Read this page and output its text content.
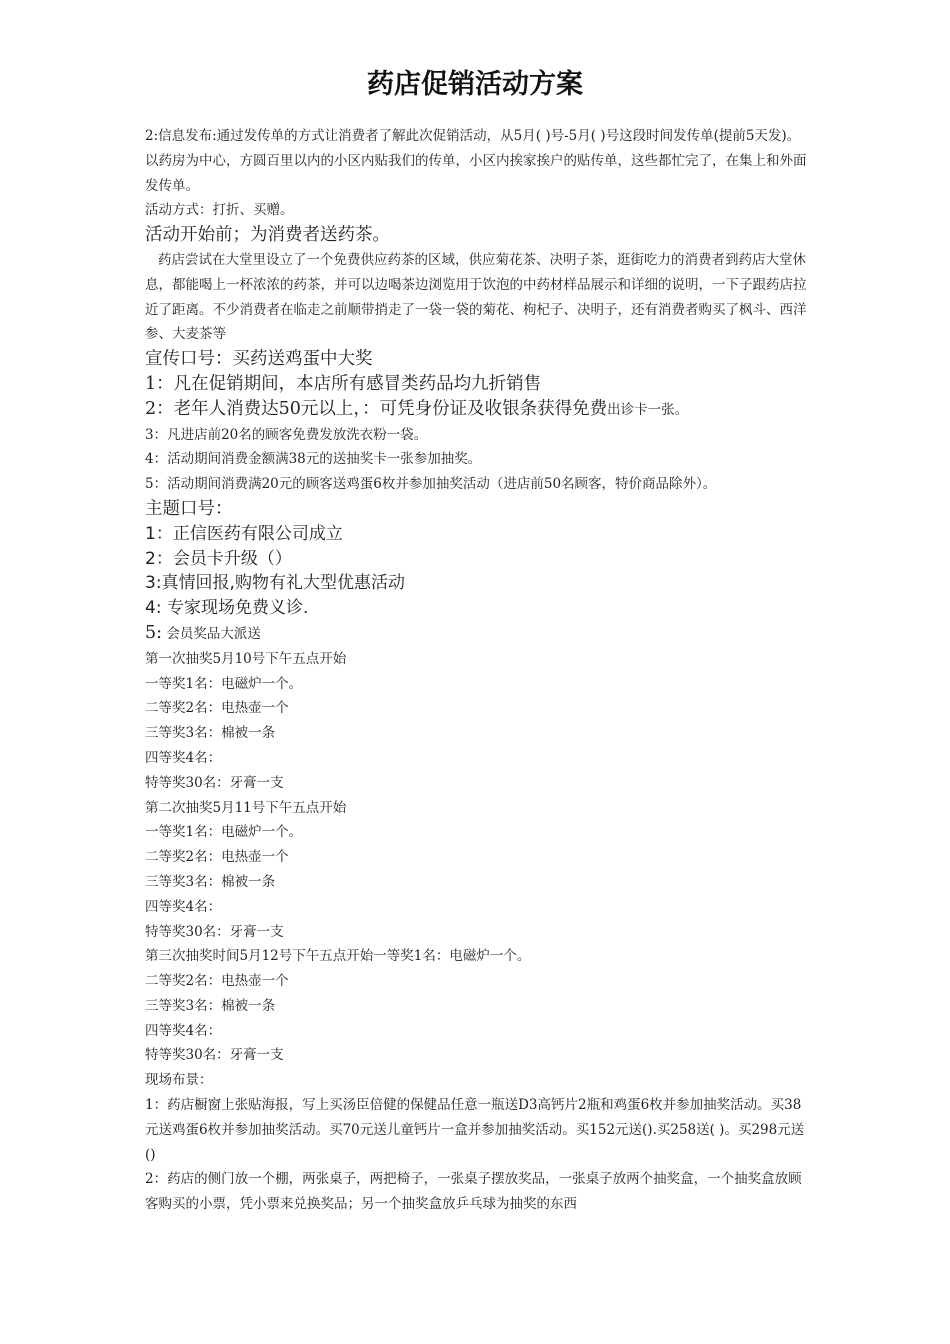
药店促销活动方案

2:信息发布:通过发传单的方式让消费者了解此次促销活动，从5月( )号-5月( )号这段时间发传单(提前5天发)。以药房为中心，方圆百里以内的小区内贴我们的传单，小区内挨家挨户的贴传单，这些都忙完了，在集上和外面发传单。

活动方式：打折、买赠。

活动开始前；为消费者送药茶。

药店尝试在大堂里设立了一个免费供应药茶的区域，供应菊花茶、决明子茶，逛街吃力的消费者到药店大堂休息，都能喝上一杯浓浓的药茶，并可以边喝茶边浏览用于饮泡的中药材样品展示和详细的说明，一下子跟药店拉近了距离。不少消费者在临走之前顺带捎走了一袋一袋的菊花、枸杞子、决明子，还有消费者购买了枫斗、西洋参、大麦茶等

宣传口号：买药送鸡蛋中大奖

1：凡在促销期间，本店所有感冒类药品均九折销售

2：老年人消费达50元以上，：可凭身份证及收银条获得免费出诊卡一张。

3：凡进店前20名的顾客免费发放洗衣粉一袋。

4：活动期间消费金额满38元的送抽奖卡一张参加抽奖。

5：活动期间消费满20元的顾客送鸡蛋6枚并参加抽奖活动（进店前50名顾客，特价商品除外）。

主题口号：

1：正信医药有限公司成立

2：会员卡升级（）

3:真情回报,购物有礼大型优惠活动

4: 专家现场免费义诊.

5: 会员奖品大派送

第一次抽奖5月10号下午五点开始

一等奖1名：电磁炉一个。

二等奖2名：电热壶一个

三等奖3名：棉被一条

四等奖4名：

特等奖30名：牙膏一支

第二次抽奖5月11号下午五点开始

一等奖1名：电磁炉一个。

二等奖2名：电热壶一个

三等奖3名：棉被一条

四等奖4名：

特等奖30名：牙膏一支

第三次抽奖时间5月12号下午五点开始一等奖1名：电磁炉一个。

二等奖2名：电热壶一个

三等奖3名：棉被一条

四等奖4名：

特等奖30名：牙膏一支

现场布景：

1：药店橱窗上张贴海报，写上买汤臣倍健的保健品任意一瓶送D3高钙片2瓶和鸡蛋6枚并参加抽奖活动。买38元送鸡蛋6枚并参加抽奖活动。买70元送儿童钙片一盒并参加抽奖活动。买152元送().买258送( )。买298元送()

2：药店的侧门放一个棚，两张桌子，两把椅子，一张桌子摆放奖品，一张桌子放两个抽奖盒，一个抽奖盒放顾客购买的小票，凭小票来兑换奖品；另一个抽奖盒放乒乓球为抽奖的东西
